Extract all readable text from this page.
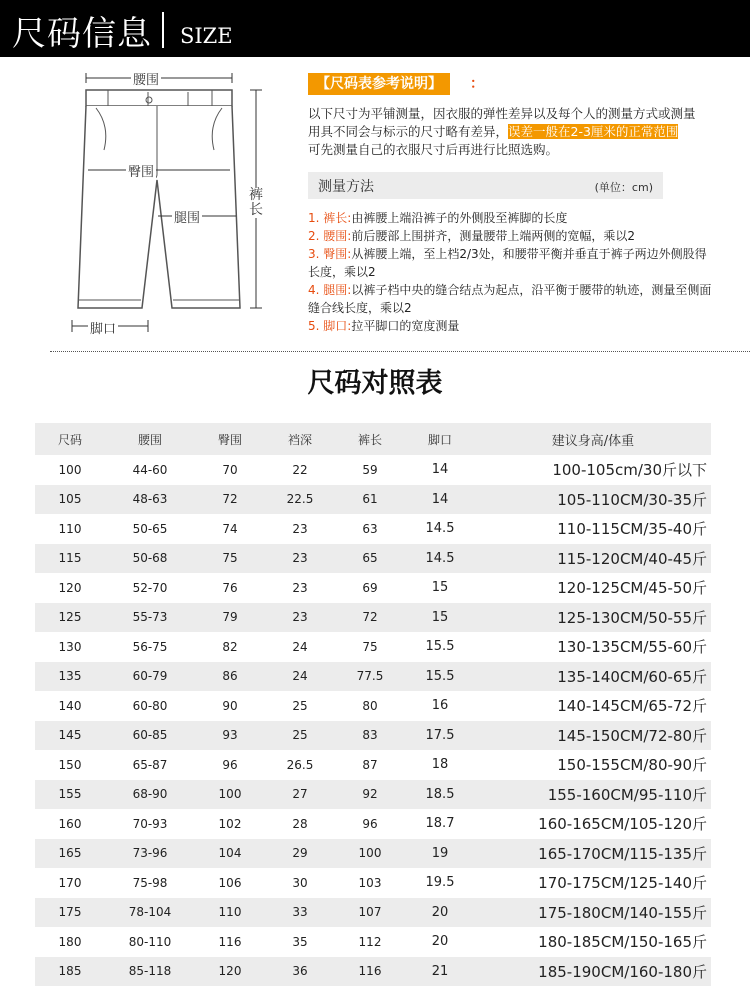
尺码信息 SIZE
腰围
臀围
腿围
裤长
脚口
【尺码表参考说明】	：
以下尺寸为平铺测量，因衣服的弹性差异以及每个人的测量方式或测量用具不同会与标示的尺寸略有差异，误差一般在2-3厘米的正常范围
可先测量自己的衣服尺寸后再进行比照选购。
测量方法	(单位：cm)
1. 裤长:由裤腰上端沿裤子的外侧股至裤脚的长度
2. 腰围:前后腰部上围拼齐，测量腰带上端两侧的宽幅，乘以2
3. 臀围:从裤腰上端，至上档2/3处，和腰带平衡并垂直于裤子两边外侧股得长度，乘以2
4. 腿围:以裤子档中央的缝合结点为起点，沿平衡于腰带的轨迹，测量至侧面缝合线长度，乘以2
5. 脚口:拉平脚口的宽度测量
尺码对照表
尺码	腰围	臀围	裆深	裤长	脚口	建议身高/体重
100	44-60	70	22	59	14	100-105cm/30斤以下
105	48-63	72	22.5	61	14	105-110CM/30-35斤
110	50-65	74	23	63	14.5	110-115CM/35-40斤
115	50-68	75	23	65	14.5	115-120CM/40-45斤
120	52-70	76	23	69	15	120-125CM/45-50斤
125	55-73	79	23	72	15	125-130CM/50-55斤
130	56-75	82	24	75	15.5	130-135CM/55-60斤
135	60-79	86	24	77.5	15.5	135-140CM/60-65斤
140	60-80	90	25	80	16	140-145CM/65-72斤
145	60-85	93	25	83	17.5	145-150CM/72-80斤
150	65-87	96	26.5	87	18	150-155CM/80-90斤
155	68-90	100	27	92	18.5	155-160CM/95-110斤
160	70-93	102	28	96	18.7	160-165CM/105-120斤
165	73-96	104	29	100	19	165-170CM/115-135斤
170	75-98	106	30	103	19.5	170-175CM/125-140斤
175	78-104	110	33	107	20	175-180CM/140-155斤
180	80-110	116	35	112	20	180-185CM/150-165斤
185	85-118	120	36	116	21	185-190CM/160-180斤
